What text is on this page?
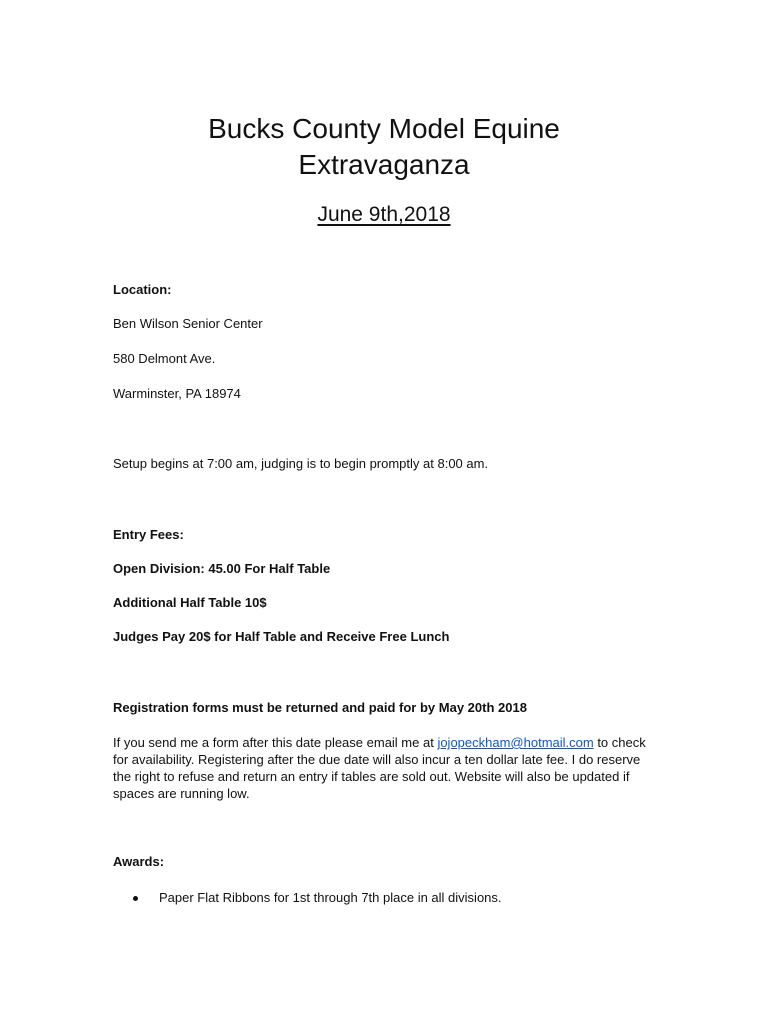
Bucks County Model Equine
Extravaganza
June 9th,2018
Location:
Ben Wilson Senior Center
580 Delmont Ave.
Warminster, PA 18974
Setup begins at 7:00 am, judging is to begin promptly at 8:00 am.
Entry Fees:
Open Division: 45.00 For Half Table
Additional Half Table 10$
Judges Pay 20$ for Half Table and Receive Free Lunch
Registration forms must be returned and paid for by May 20th 2018

If you send me a form after this date please email me at jojopeckham@hotmail.com to check for availability. Registering after the due date will also incur a ten dollar late fee. I do reserve the right to refuse and return an entry if tables are sold out. Website will also be updated if spaces are running low.

Awards:
Paper Flat Ribbons for 1st through 7th place in all divisions.
